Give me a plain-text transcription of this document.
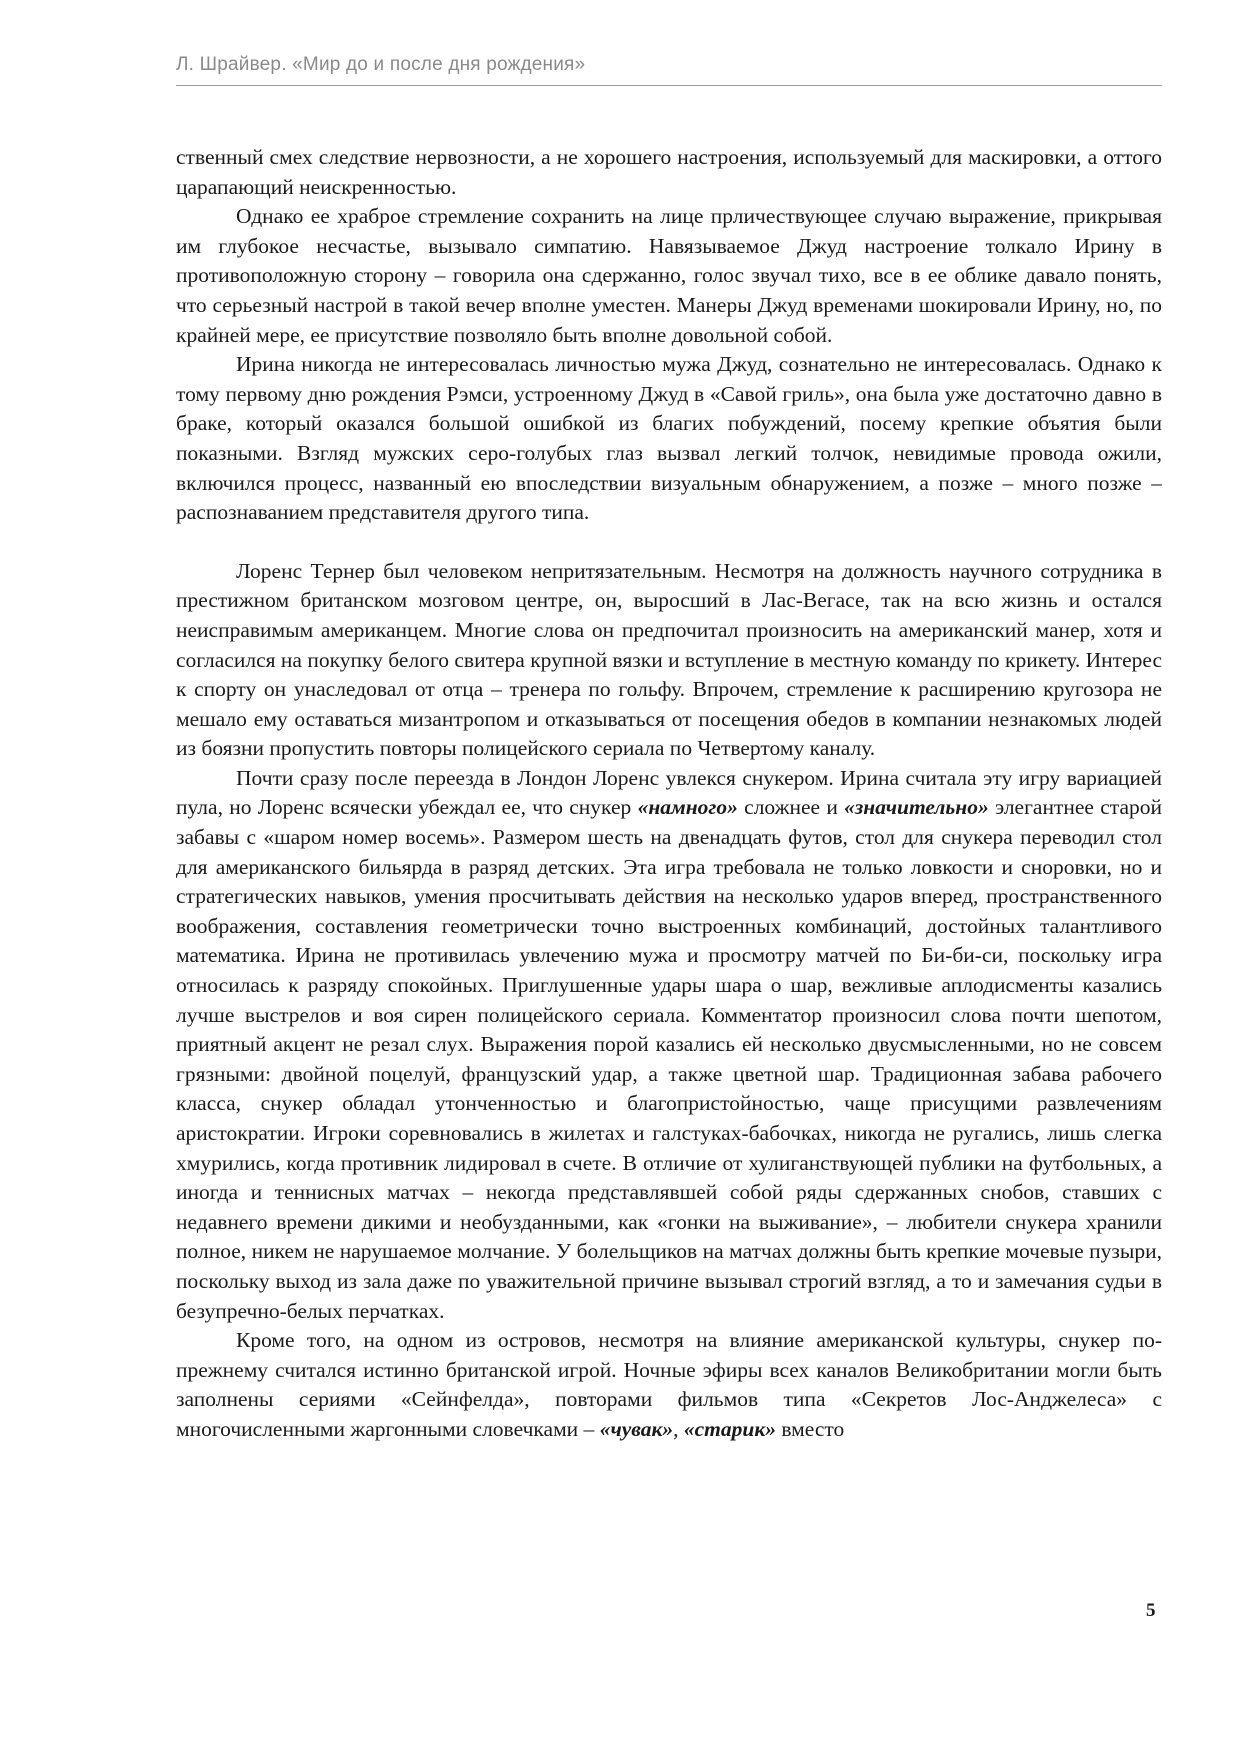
Л. Шрайвер. «Мир до и после дня рождения»

ственный смех следствие нервозности, а не хорошего настроения, используемый для маскировки, а оттого царапающий неискренностью.

Однако ее храброе стремление сохранить на лице прличествующее случаю выражение, прикрывая им глубокое несчастье, вызывало симпатию. Навязываемое Джуд настроение толкало Ирину в противоположную сторону – говорила она сдержанно, голос звучал тихо, все в ее облике давало понять, что серьезный настрой в такой вечер вполне уместен. Манеры Джуд временами шокировали Ирину, но, по крайней мере, ее присутствие позволяло быть вполне довольной собой.

Ирина никогда не интересовалась личностью мужа Джуд, сознательно не интересовалась. Однако к тому первому дню рождения Рэмси, устроенному Джуд в «Савой гриль», она была уже достаточно давно в браке, который оказался большой ошибкой из благих побуждений, посему крепкие объятия были показными. Взгляд мужских серо-голубых глаз вызвал легкий толчок, невидимые провода ожили, включился процесс, названный ею впоследствии визуальным обнаружением, а позже – много позже – распознаванием представителя другого типа.

Лоренс Тернер был человеком непритязательным. Несмотря на должность научного сотрудника в престижном британском мозговом центре, он, выросший в Лас-Вегасе, так на всю жизнь и остался неисправимым американцем. Многие слова он предпочитал произносить на американский манер, хотя и согласился на покупку белого свитера крупной вязки и вступление в местную команду по крикету. Интерес к спорту он унаследовал от отца – тренера по гольфу. Впрочем, стремление к расширению кругозора не мешало ему оставаться мизантропом и отказываться от посещения обедов в компании незнакомых людей из боязни пропустить повторы полицейского сериала по Четвертому каналу.

Почти сразу после переезда в Лондон Лоренс увлекся снукером. Ирина считала эту игру вариацией пула, но Лоренс всячески убеждал ее, что снукер «намного» сложнее и «значительно» элегантнее старой забавы с «шаром номер восемь». Размером шесть на двенадцать футов, стол для снукера переводил стол для американского бильярда в разряд детских. Эта игра требовала не только ловкости и сноровки, но и стратегических навыков, умения просчитывать действия на несколько ударов вперед, пространственного воображения, составления геометрически точно выстроенных комбинаций, достойных талантливого математика. Ирина не противилась увлечению мужа и просмотру матчей по Би-би-си, поскольку игра относилась к разряду спокойных. Приглушенные удары шара о шар, вежливые аплодисменты казались лучше выстрелов и воя сирен полицейского сериала. Комментатор произносил слова почти шепотом, приятный акцент не резал слух. Выражения порой казались ей несколько двусмысленными, но не совсем грязными: двойной поцелуй, французский удар, а также цветной шар. Традиционная забава рабочего класса, снукер обладал утонченностью и благопристойностью, чаще присущими развлечениям аристократии. Игроки соревновались в жилетах и галстуках-бабочках, никогда не ругались, лишь слегка хмурились, когда противник лидировал в счете. В отличие от хулиганствующей публики на футбольных, а иногда и теннисных матчах – некогда представлявшей собой ряды сдержанных снобов, ставших с недавнего времени дикими и необузданными, как «гонки на выживание», – любители снукера хранили полное, никем не нарушаемое молчание. У болельщиков на матчах должны быть крепкие мочевые пузыри, поскольку выход из зала даже по уважительной причине вызывал строгий взгляд, а то и замечания судьи в безупречно-белых перчатках.

Кроме того, на одном из островов, несмотря на влияние американской культуры, снукер по-прежнему считался истинно британской игрой. Ночные эфиры всех каналов Великобритании могли быть заполнены сериями «Сейнфелда», повторами фильмов типа «Секретов Лос-Анджелеса» с многочисленными жаргонными словечками – «чувак», «старик» вместо

5
